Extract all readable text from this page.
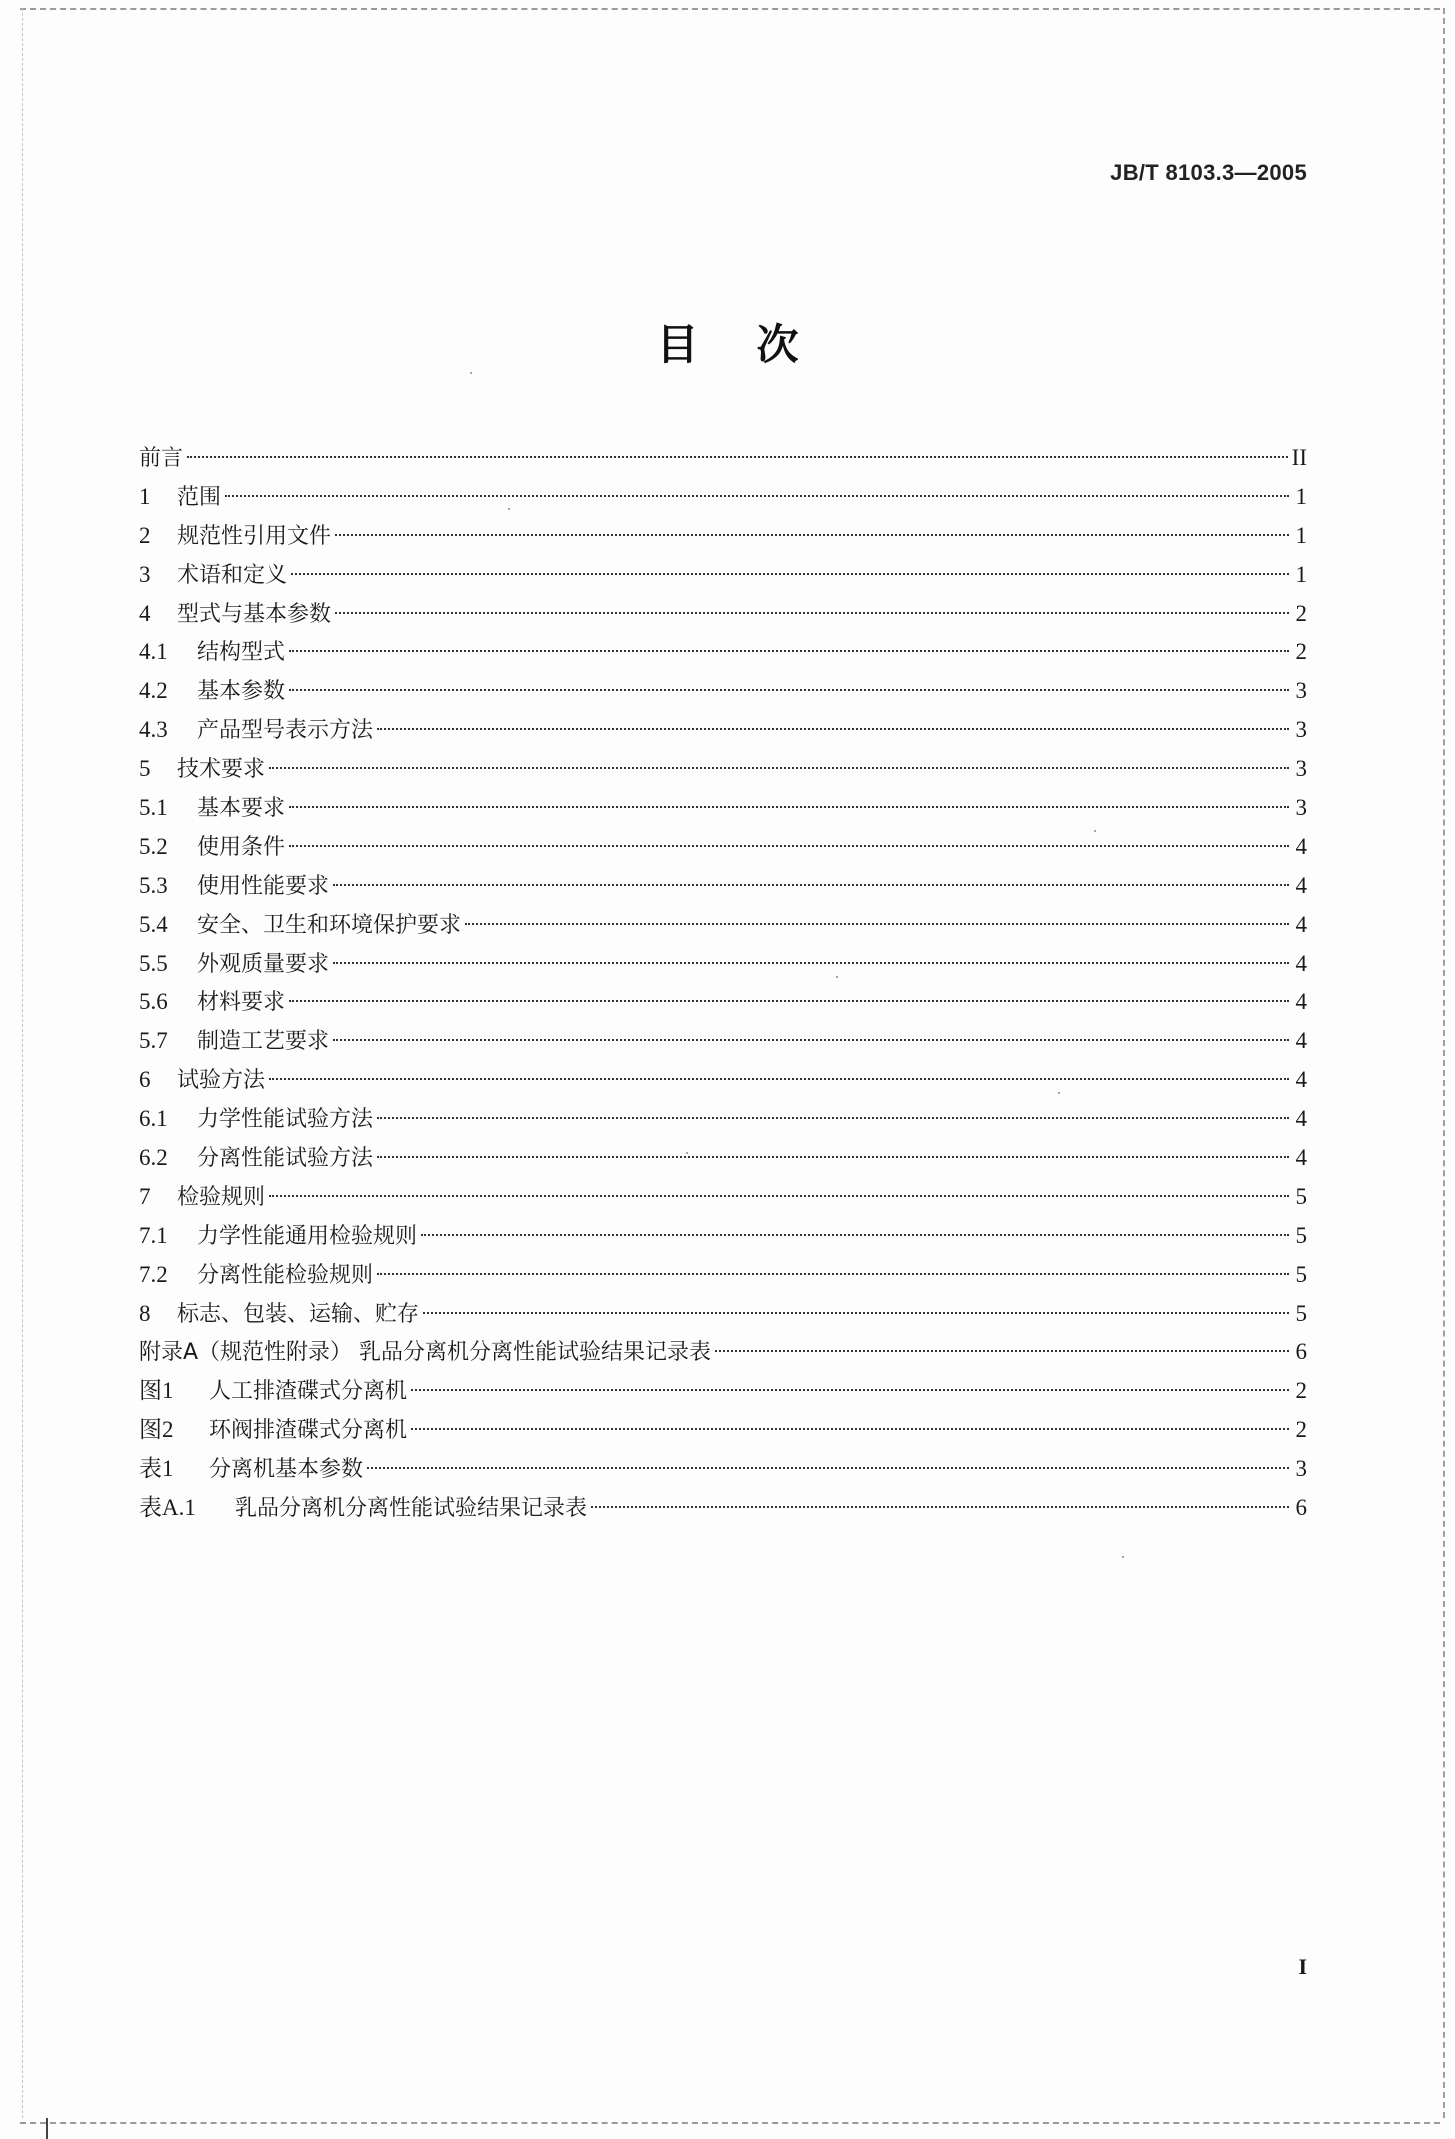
JB/T 8103.3—2005
目次
前言	II
1	范围	1
2	规范性引用文件	1
3	术语和定义	1
4	型式与基本参数	2
4.1	结构型式	2
4.2	基本参数	3
4.3	产品型号表示方法	3
5	技术要求	3
5.1	基本要求	3
5.2	使用条件	4
5.3	使用性能要求	4
5.4	安全、卫生和环境保护要求	4
5.5	外观质量要求	4
5.6	材料要求	4
5.7	制造工艺要求	4
6	试验方法	4
6.1	力学性能试验方法	4
6.2	分离性能试验方法	4
7	检验规则	5
7.1	力学性能通用检验规则	5
7.2	分离性能检验规则	5
8	标志、包装、运输、贮存	5
附录A（规范性附录） 乳品分离机分离性能试验结果记录表	6
图1	人工排渣碟式分离机	2
图2	环阀排渣碟式分离机	2
表1	分离机基本参数	3
表A.1	乳品分离机分离性能试验结果记录表	6
I
